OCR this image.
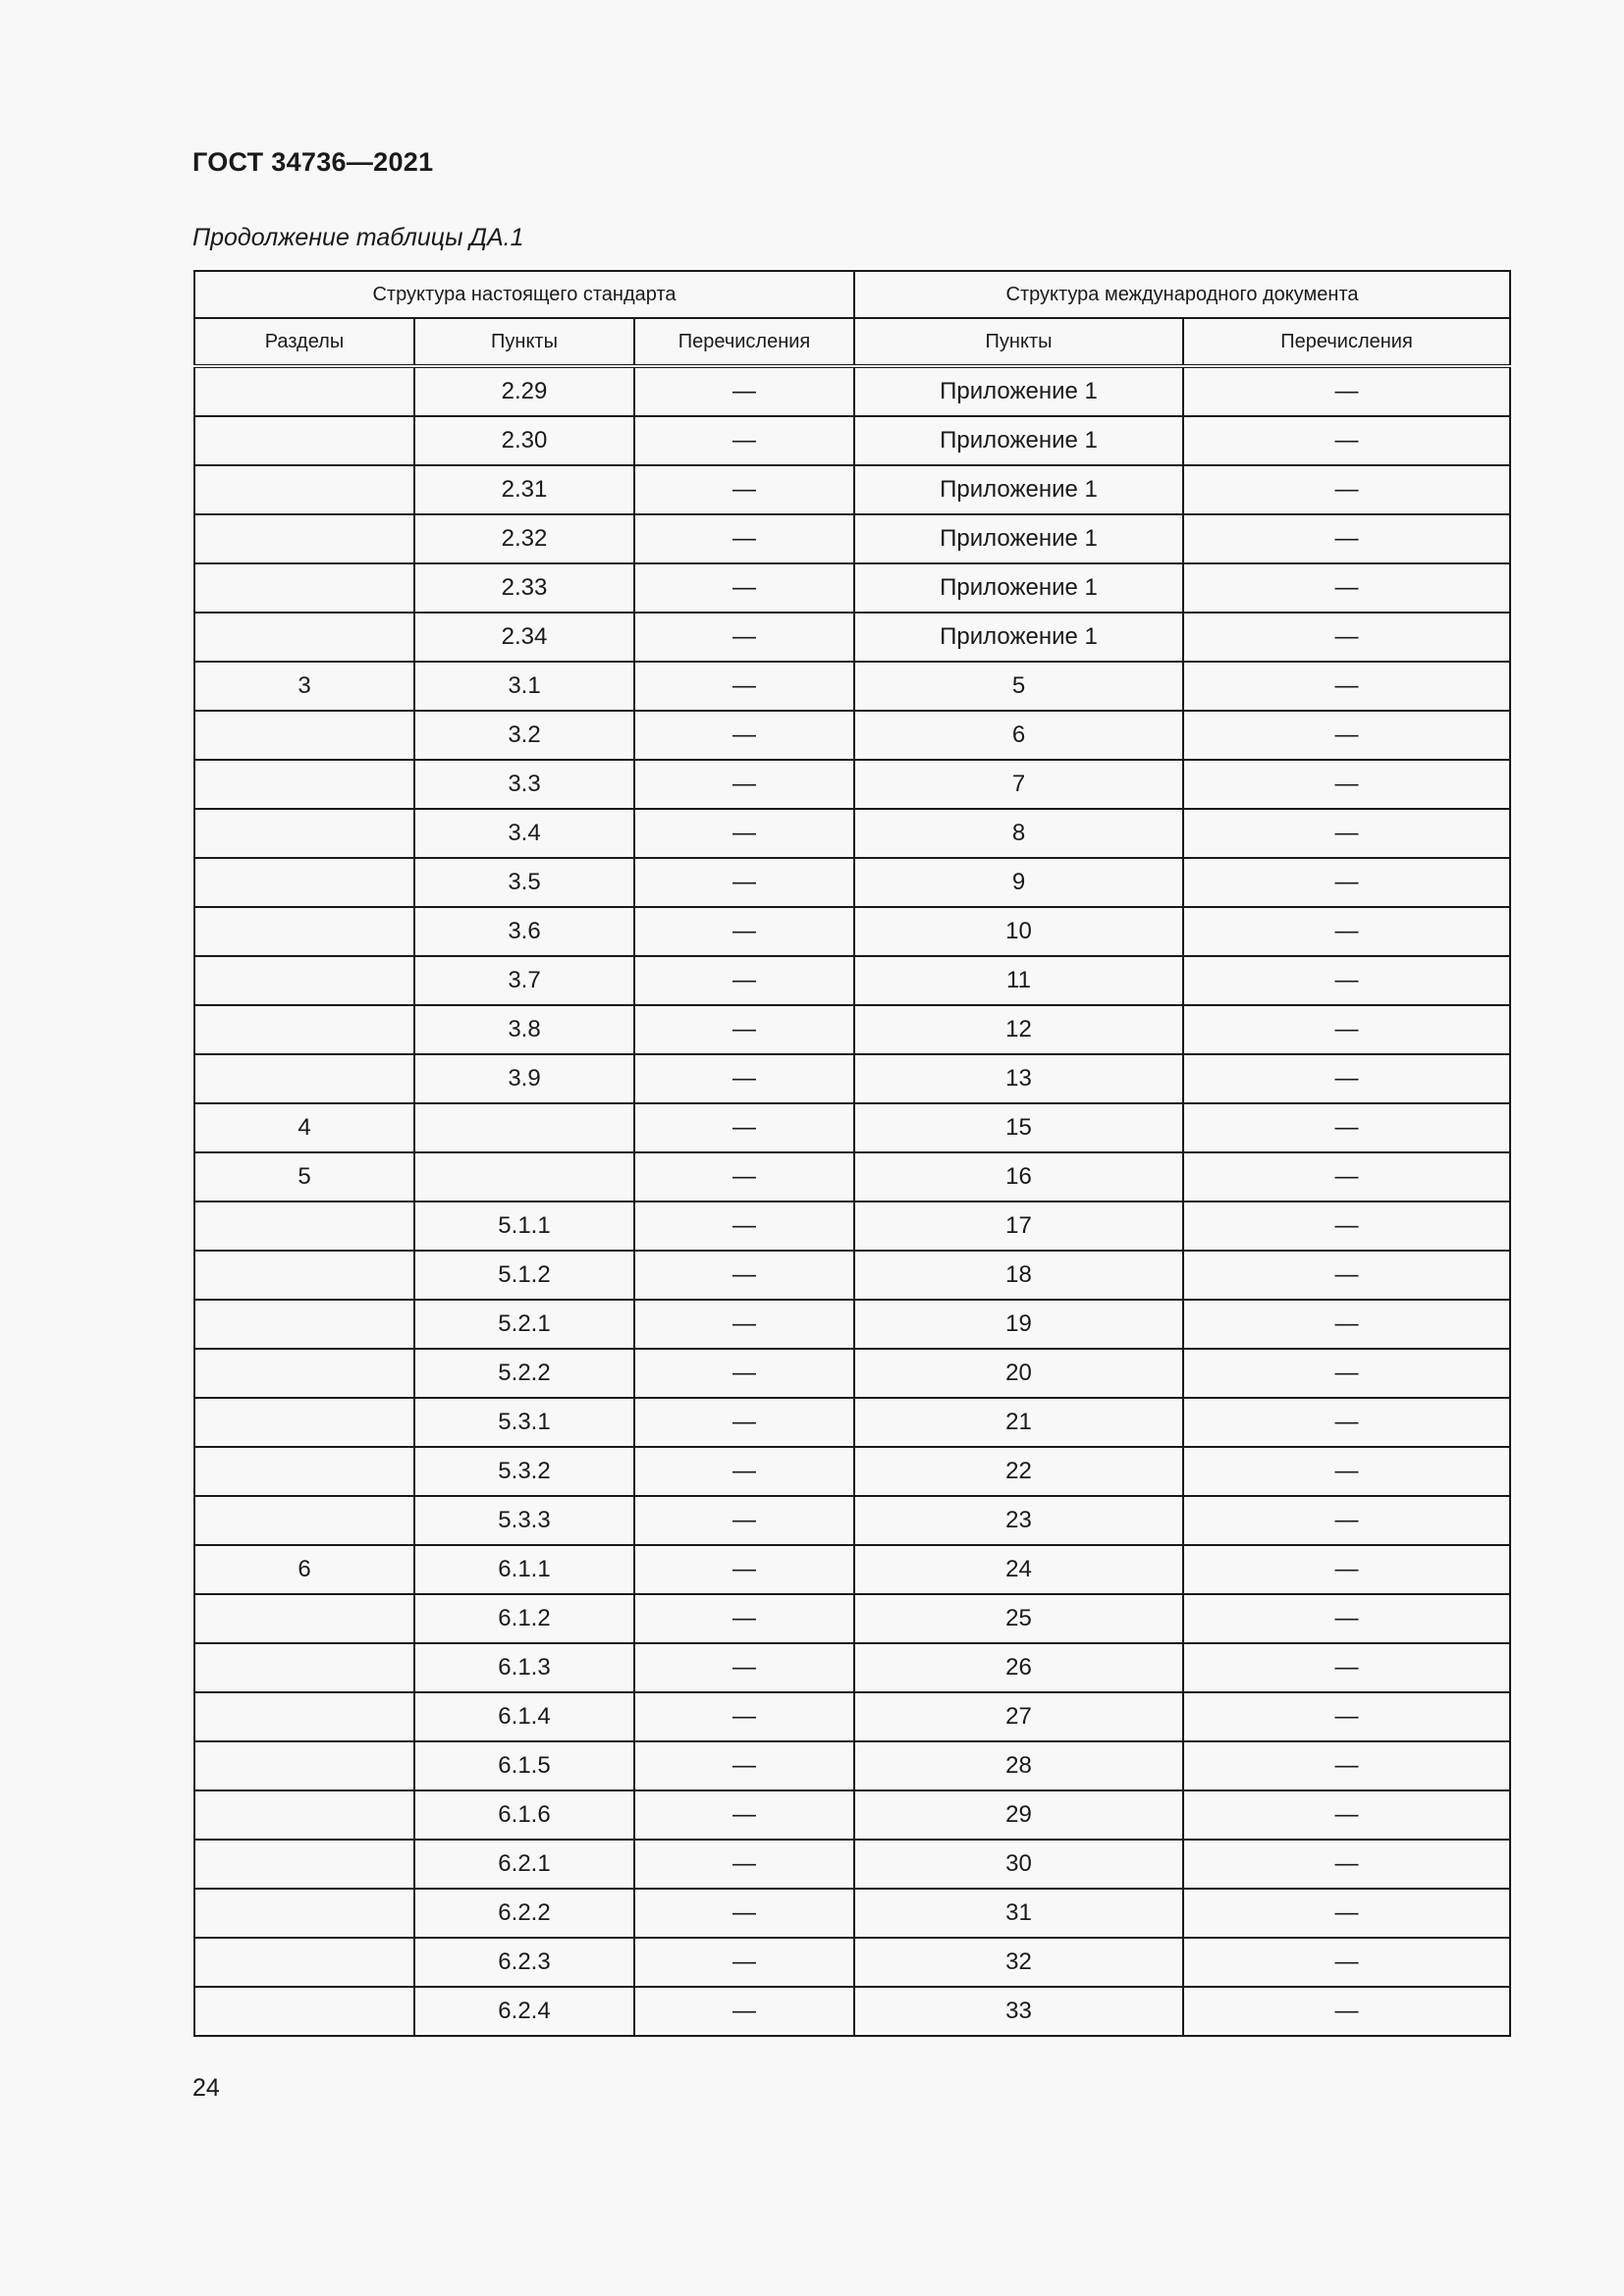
ГОСТ 34736—2021
Продолжение таблицы ДА.1
Структура настоящего стандарта			Структура международного документа	
Разделы	Пункты	Перечисления	Пункты	Перечисления
	2.29	—	Приложение 1	—
	2.30	—	Приложение 1	—
	2.31	—	Приложение 1	—
	2.32	—	Приложение 1	—
	2.33	—	Приложение 1	—
	2.34	—	Приложение 1	—
3	3.1	—	5	—
	3.2	—	6	—
	3.3	—	7	—
	3.4	—	8	—
	3.5	—	9	—
	3.6	—	10	—
	3.7	—	11	—
	3.8	—	12	—
	3.9	—	13	—
4		—	15	—
5		—	16	—
	5.1.1	—	17	—
	5.1.2	—	18	—
	5.2.1	—	19	—
	5.2.2	—	20	—
	5.3.1	—	21	—
	5.3.2	—	22	—
	5.3.3	—	23	—
6	6.1.1	—	24	—
	6.1.2	—	25	—
	6.1.3	—	26	—
	6.1.4	—	27	—
	6.1.5	—	28	—
	6.1.6	—	29	—
	6.2.1	—	30	—
	6.2.2	—	31	—
	6.2.3	—	32	—
	6.2.4	—	33	—
24
